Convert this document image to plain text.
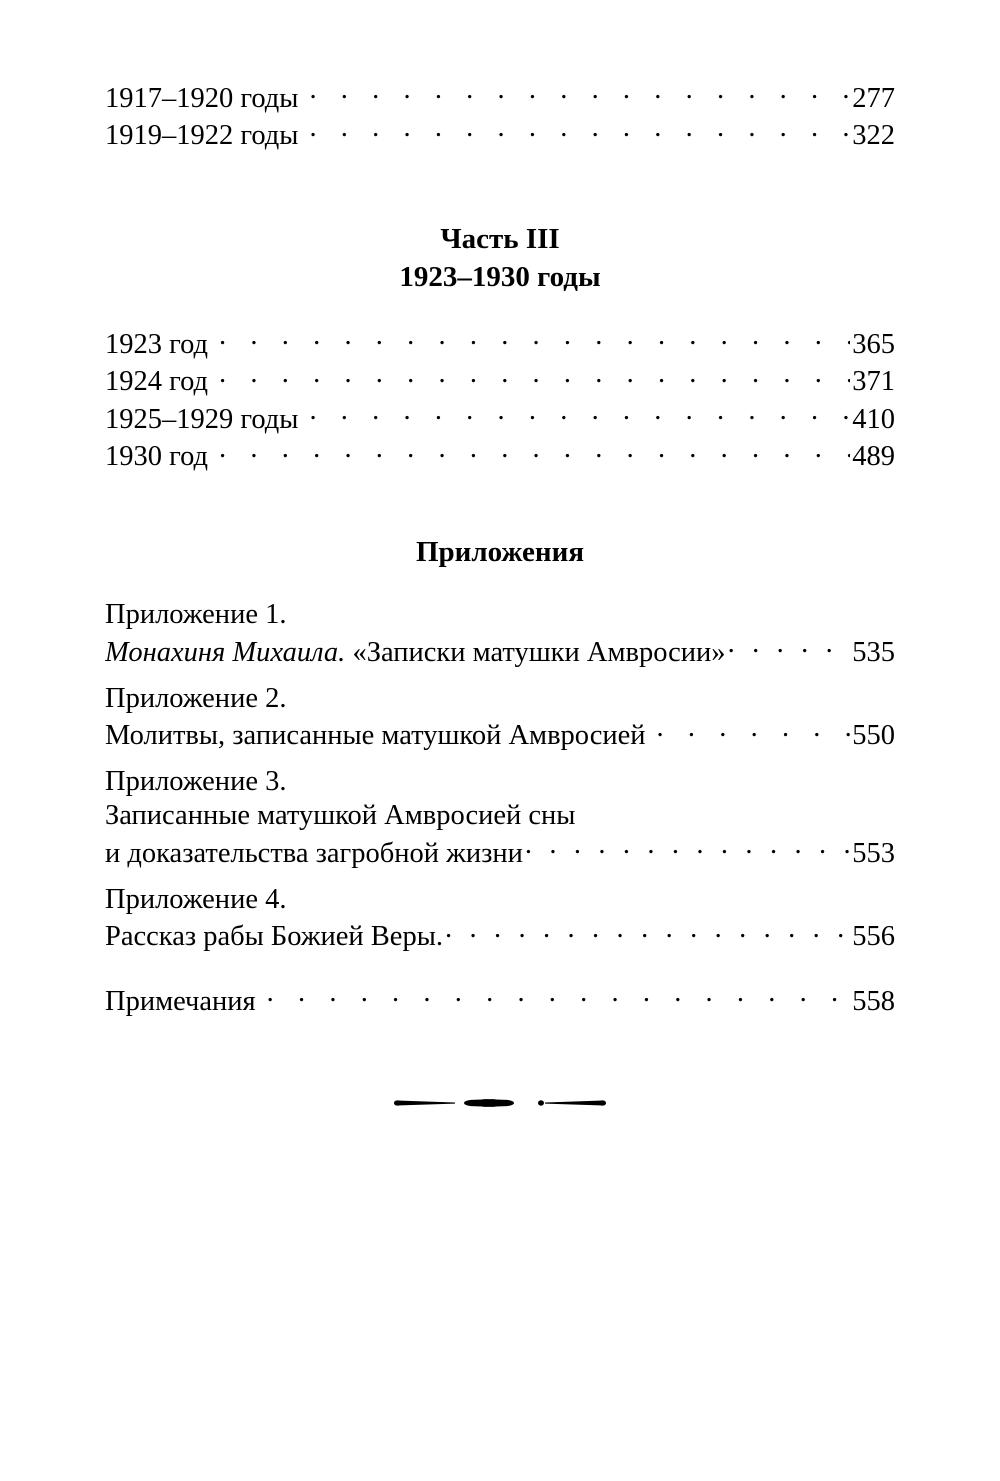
1917–1920 годы . . .	277
1919–1922 годы . . .	322
Часть III
1923–1930 годы
1923 год . . .	365
1924 год . . .	371
1925–1929 годы . . .	410
1930 год . . .	489
Приложения
Приложение 1.
Монахиня Михаила. «Записки матушки Амвросии» . . .	535
Приложение 2.
Молитвы, записанные матушкой Амвросией . . .	550
Приложение 3.
Записанные матушкой Амвросией сны
и доказательства загробной жизни . . .	553
Приложение 4.
Рассказ рабы Божией Веры. . . .	556
Примечания . . .	558
